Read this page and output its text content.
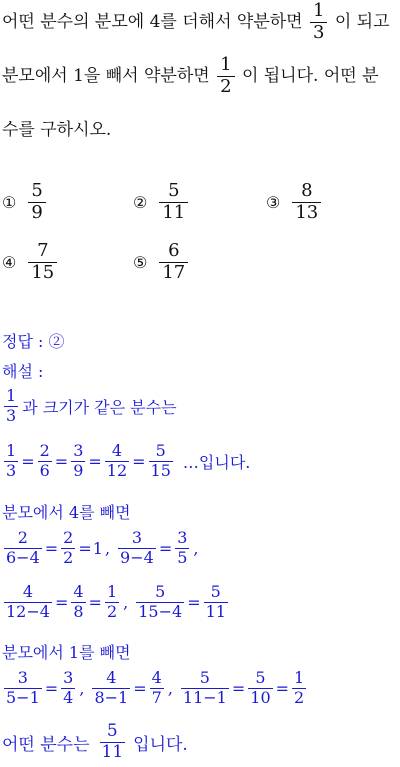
어떤 분수의 분모에 4를 더해서 약분하면 $\frac{1}{3}$ 이 되고
분모에서 1을 빼서 약분하면 $\frac{1}{2}$ 이 됩니다. 어떤 분
수를 구하시오.
① $\frac{5}{9}$	② $\frac{5}{11}$	③ $\frac{8}{13}$
④ $\frac{7}{15}$	⑤ $\frac{6}{17}$
정답 : ②
해설 :
$\frac{1}{3}$ 과 크기가 같은 분수는
$\frac{1}{3} = \frac{2}{6} = \frac{3}{9} = \frac{4}{12} = \frac{5}{15}$ …입니다.
분모에서 4를 빼면
$\frac{2}{6-4} = \frac{2}{2} = 1$ , $\frac{3}{9-4} = \frac{3}{5}$ ,
$\frac{4}{12-4} = \frac{4}{8} = \frac{1}{2}$ , $\frac{5}{15-4} = \frac{5}{11}$
분모에서 1를 빼면
$\frac{3}{5-1} = \frac{3}{4}$ , $\frac{4}{8-1} = \frac{4}{7}$ , $\frac{5}{11-1} = \frac{5}{10} = \frac{1}{2}$
어떤 분수는 $\frac{5}{11}$ 입니다.
